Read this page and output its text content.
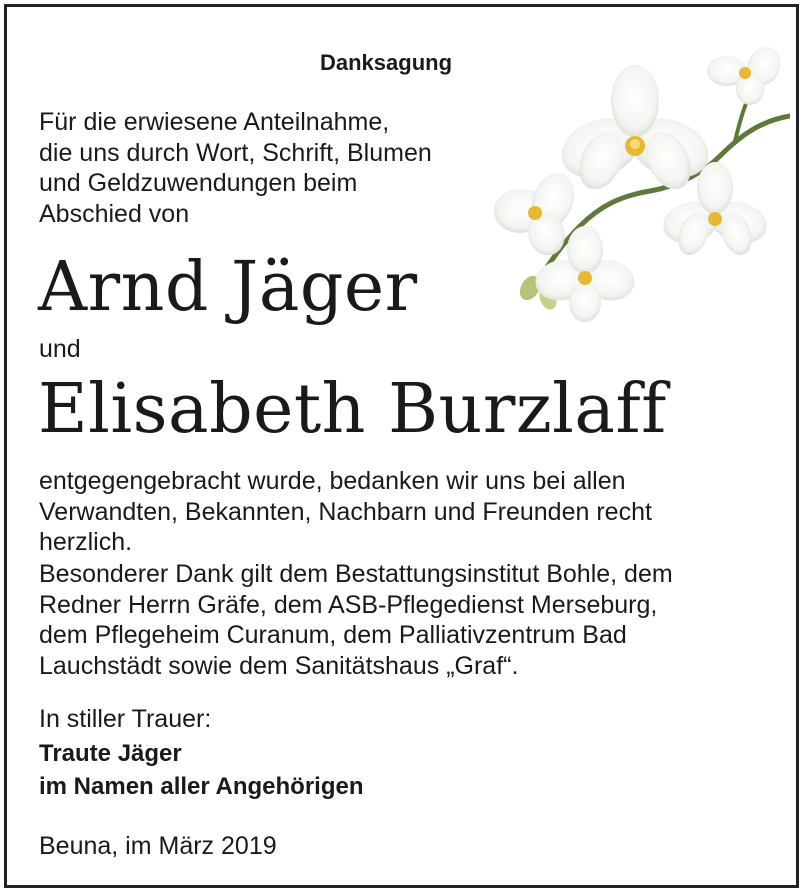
Danksagung

Für die erwiesene Anteilnahme,
die uns durch Wort, Schrift, Blumen
und Geldzuwendungen beim
Abschied von

Arnd Jäger

und

Elisabeth Burzlaff

entgegengebracht wurde, bedanken wir uns bei allen
Verwandten, Bekannten, Nachbarn und Freunden recht
herzlich.
Besonderer Dank gilt dem Bestattungsinstitut Bohle, dem
Redner Herrn Gräfe, dem ASB-Pflegedienst Merseburg,
dem Pflegeheim Curanum, dem Palliativzentrum Bad
Lauchstädt sowie dem Sanitätshaus „Graf“.

In stiller Trauer:

Traute Jäger

im Namen aller Angehörigen

Beuna, im März 2019
